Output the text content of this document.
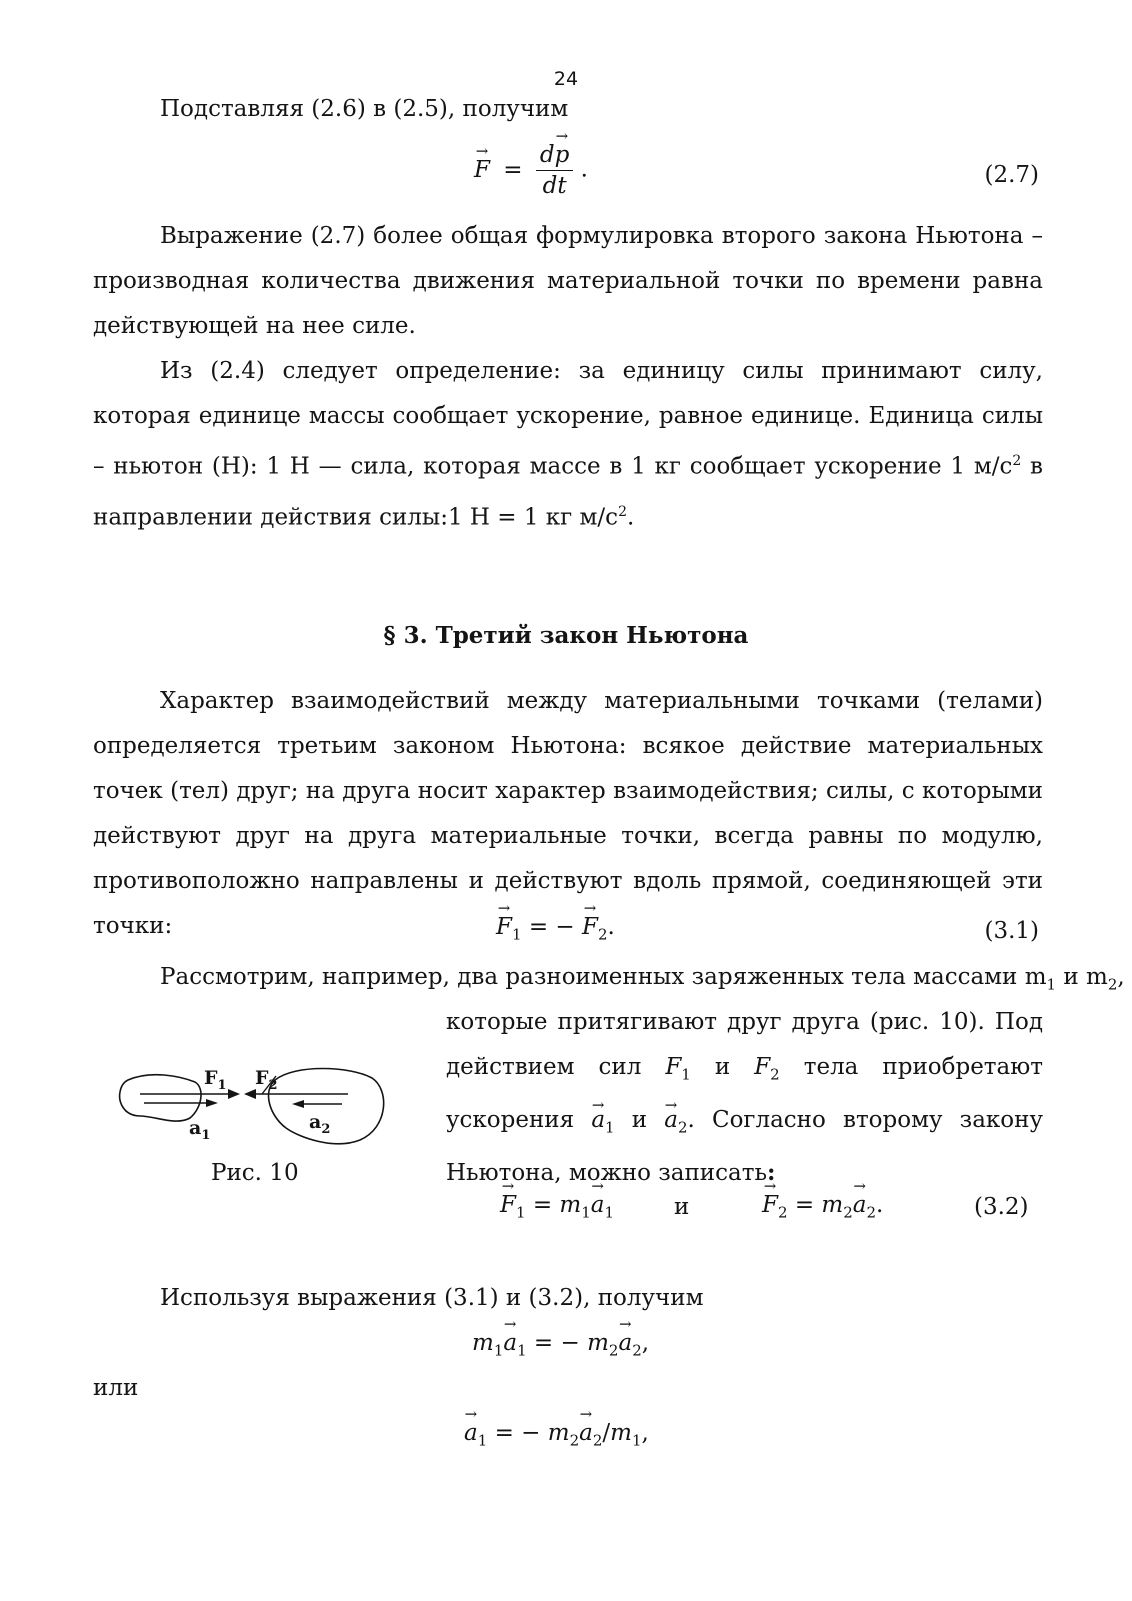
24
Подставляя (2.6) в (2.5), получим
→ $F = \frac{d\to p}{dt}$ .	(2.7)
Выражение (2.7) более общая формулировка второго закона Ньютона – производная количества движения материальной точки по времени равна действующей на нее силе.
Из (2.4) следует определение: за единицу силы принимают силу, которая единице массы сообщает ускорение, равное единице. Единица силы – ньютон (Н): 1 Н — сила, которая массе в 1 кг сообщает ускорение 1 $м/с^2$ в направлении действия силы:1 Н = 1 кг $м/с^2$.
§ 3. Третий закон Ньютона
Характер взаимодействий между материальными точками (телами) определяется третьим законом Ньютона: всякое действие материальных точек (тел) друг; на друга носит характер взаимодействия; силы, с которыми действуют друг на друга материальные точки, всегда равны по модулю, противоположно направлены и действуют вдоль прямой, соединяющей эти точки:	→ $F_1$ = − → $F_2$.	(3.1)
Рассмотрим, например, два разноименных заряженных тела массами $m_1$ и $m_2$,
которые притягивают друг друга (рис. 10). Под действием сил $F_1$ и $F_2$ тела приобретают ускорения → $a_1$ $и \to a_2$. Согласно второму закону Ньютона, можно записать:
$F_1$ $F_2$
$a_1$
$a_2$
Рис. 10
→ $F_1 = m_1\to a_1$	и	→ $F_2 = m_2\to a_2$.	(3.2)
Используя выражения (3.1) и (3.2), получим
$m_1\to a_1$ = − $m_2\to a_2$,
или
→ $a_1$ = − $m_2\to a_2/m_1$,
